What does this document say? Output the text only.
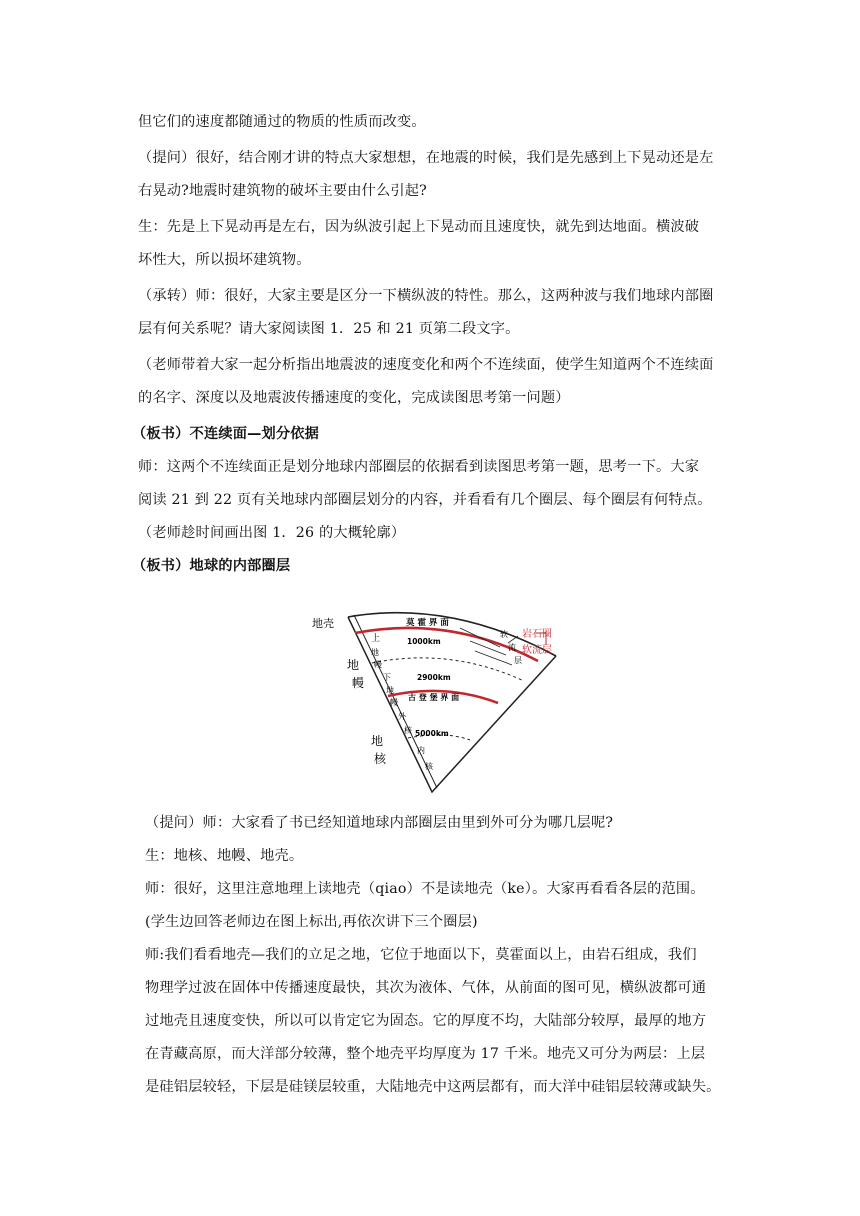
但它们的速度都随通过的物质的性质而改变。
（提问）很好，结合刚才讲的特点大家想想，在地震的时候，我们是先感到上下晃动还是左
右晃动?地震时建筑物的破坏主要由什么引起?
生：先是上下晃动再是左右，因为纵波引起上下晃动而且速度快，就先到达地面。横波破
坏性大，所以损坏建筑物。
（承转）师：很好，大家主要是区分一下横纵波的特性。那么，这两种波与我们地球内部圈
层有何关系呢？请大家阅读图 1．25 和 21 页第二段文字。
（老师带着大家一起分析指出地震波的速度变化和两个不连续面，使学生知道两个不连续面
的名字、深度以及地震波传播速度的变化，完成读图思考第一问题）
（板书）不连续面—划分依据
师：这两个不连续面正是划分地球内部圈层的依据看到读图思考第一题，思考一下。大家
阅读 21 到 22 页有关地球内部圈层划分的内容，并看看有几个圈层、每个圈层有何特点。
（老师趁时间画出图 1．26 的大概轮廓）
（板书）地球的内部圈层
地壳
地
幔
地
核
上
地
幔
下
地
幔
外
核
内
核
莫 霍 界 面
古 登 堡 界 面
1000km
2900km
5000km
软
流
层
岩石圈
软流层
（提问）师：大家看了书已经知道地球内部圈层由里到外可分为哪几层呢?
生：地核、地幔、地壳。
师：很好，这里注意地理上读地壳（qiao）不是读地壳（ke）。大家再看看各层的范围。
(学生边回答老师边在图上标出,再依次讲下三个圈层)
师:我们看看地壳—我们的立足之地，它位于地面以下，莫霍面以上，由岩石组成，我们
物理学过波在固体中传播速度最快，其次为液体、气体，从前面的图可见，横纵波都可通
过地壳且速度变快，所以可以肯定它为固态。它的厚度不均，大陆部分较厚，最厚的地方
在青藏高原，而大洋部分较薄，整个地壳平均厚度为 17 千米。地壳又可分为两层：上层
是硅铝层较轻，下层是硅镁层较重，大陆地壳中这两层都有，而大洋中硅铝层较薄或缺失。
